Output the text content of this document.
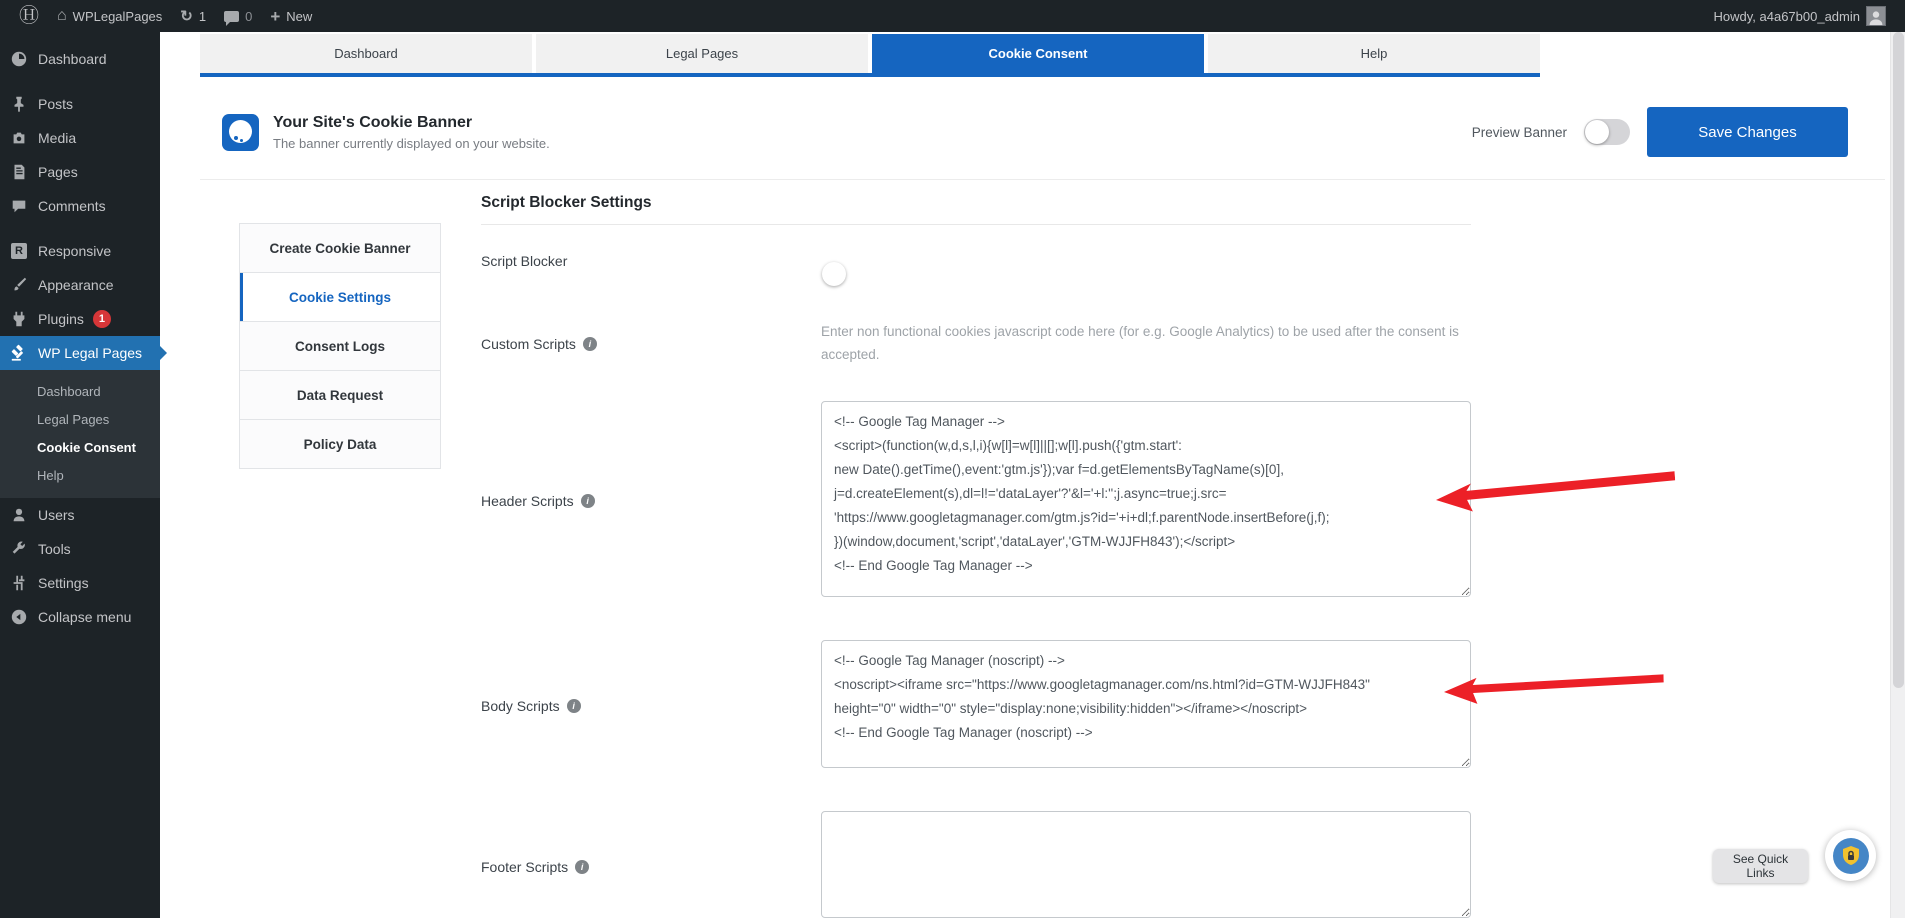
Ⓗ ⌂ WPLegalPages ↻ 1	0 +	New	Howdy, a4a67b00_admin
Dashboard
Posts
Media
Pages
Comments
R
Responsive
Appearance
Plugins	1
WP Legal Pages
Dashboard
Legal Pages
Cookie Consent
Help
Users
Tools
Settings
Collapse menu
Dashboard	Legal Pages	Cookie Consent	Help
Your Site's Cookie Banner
The banner currently displayed on your website.
Preview Banner	Save Changes
Create Cookie Banner
Cookie Settings
Consent Logs
Data Request
Policy Data
Script Blocker Settings
Script Blocker
Custom Scripts
i
Enter non functional cookies javascript code here (for e.g. Google Analytics) to be used after the consent is accepted.
Header Scripts
i
<!-- Google Tag Manager --> <script>(function(w,d,s,l,i){w[l]=w[l]||[];w[l].push({'gtm.start': new Date().getTime(),event:'gtm.js'});var f=d.getElementsByTagName(s)[0], j=d.createElement(s),dl=l!='dataLayer'?'&l='+l:'';j.async=true;j.src= 'https://www.googletagmanager.com/gtm.js?id='+i+dl;f.parentNode.insertBefore(j,f); })(window,document,'script','dataLayer','GTM-WJJFH843');</script> <!-- End Google Tag Manager -->
Body Scripts
i
<!-- Google Tag Manager (noscript) --> <noscript><iframe src="https://www.googletagmanager.com/ns.html?id=GTM-WJJFH843" height="0" width="0" style="display:none;visibility:hidden"></iframe></noscript> <!-- End Google Tag Manager (noscript) -->
Footer Scripts
i	See Quick Links
